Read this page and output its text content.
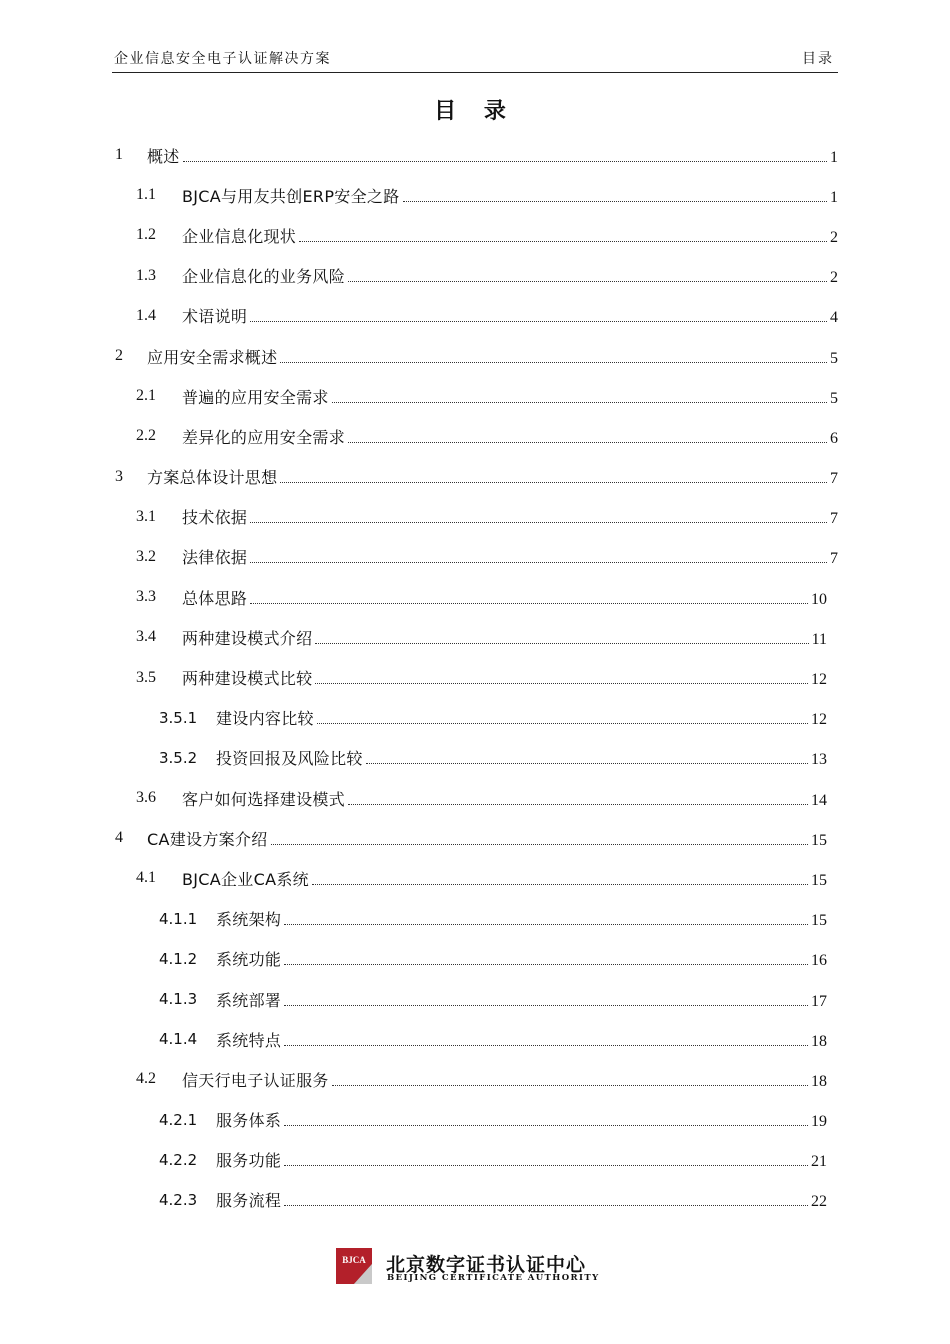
企业信息安全电子认证解决方案	目录
目 录
1 概述	1
1.1 BJCA与用友共创ERP安全之路	1
1.2 企业信息化现状	2
1.3 企业信息化的业务风险	2
1.4 术语说明	4
2 应用安全需求概述	5
2.1 普遍的应用安全需求	5
2.2 差异化的应用安全需求	6
3 方案总体设计思想	7
3.1 技术依据	7
3.2 法律依据	7
3.3 总体思路	10
3.4 两种建设模式介绍	11
3.5 两种建设模式比较	12
3.5.1 建设内容比较	12
3.5.2 投资回报及风险比较	13
3.6 客户如何选择建设模式	14
4 CA建设方案介绍	15
4.1 BJCA企业CA系统	15
4.1.1 系统架构	15
4.1.2 系统功能	16
4.1.3 系统部署	17
4.1.4 系统特点	18
4.2 信天行电子认证服务	18
4.2.1 服务体系	19
4.2.2 服务功能	21
4.2.3 服务流程	22
BJCA 北京数字证书认证中心
BEIJING CERTIFICATE AUTHORITY
